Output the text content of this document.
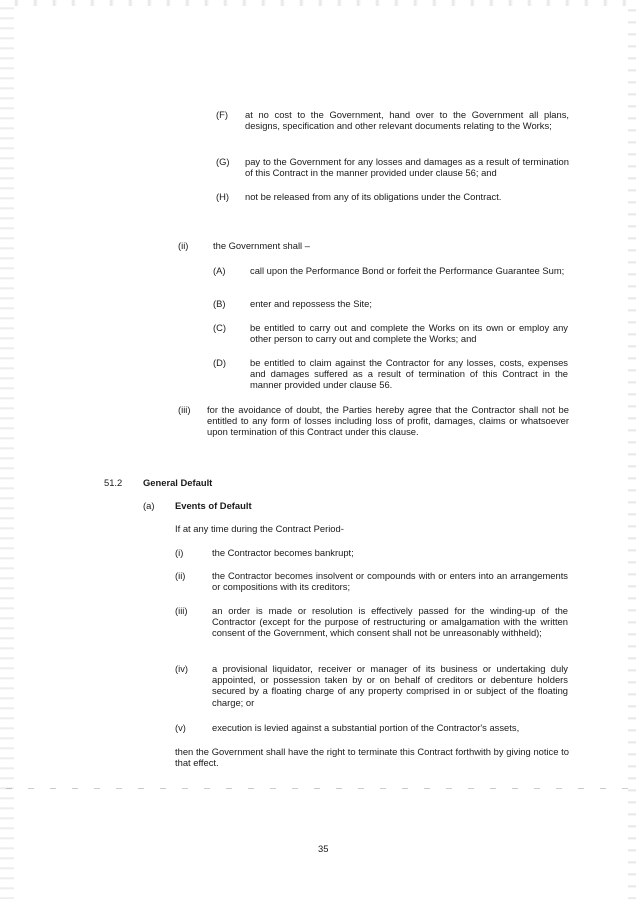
(F) at no cost to the Government, hand over to the Government all plans, designs, specification and other relevant documents relating to the Works;
(G) pay to the Government for any losses and damages as a result of termination of this Contract in the manner provided under clause 56; and
(H) not be released from any of its obligations under the Contract.
(ii)	the Government shall –
(A)	call upon the Performance Bond or forfeit the Performance Guarantee Sum;
(B)	enter and repossess the Site;
(C)	be entitled to carry out and complete the Works on its own or employ any other person to carry out and complete the Works; and
(D)	be entitled to claim against the Contractor for any losses, costs, expenses and damages suffered as a result of termination of this Contract in the manner provided under clause 56.
(iii) for the avoidance of doubt, the Parties hereby agree that the Contractor shall not be entitled to any form of losses including loss of profit, damages, claims or whatsoever upon termination of this Contract under this clause.
51.2 General Default
(a) Events of Default
If at any time during the Contract Period-
(i)	the Contractor becomes bankrupt;
(ii)	the Contractor becomes insolvent or compounds with or enters into an arrangements or compositions with its creditors;
(iii)	an order is made or resolution is effectively passed for the winding-up of the Contractor (except for the purpose of restructuring or amalgamation with the written consent of the Government, which consent shall not be unreasonably withheld);
(iv)	a provisional liquidator, receiver or manager of its business or undertaking duly appointed, or possession taken by or on behalf of creditors or debenture holders secured by a floating charge of any property comprised in or subject of the floating charge; or
(v)	execution is levied against a substantial portion of the Contractor's assets,
then the Government shall have the right to terminate this Contract forthwith by giving notice to that effect.
35
